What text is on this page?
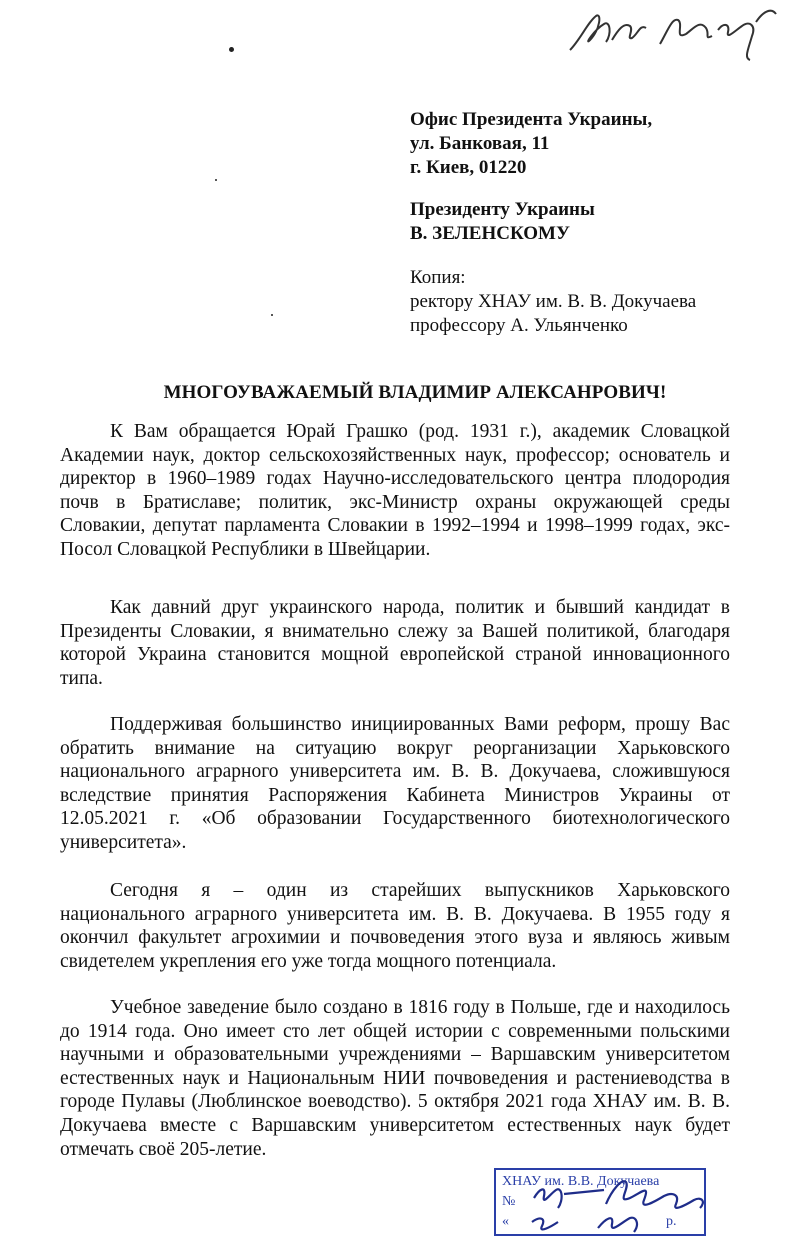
Офис Президента Украины,
ул. Банковая, 11
г. Киев, 01220
Президенту Украины
В. ЗЕЛЕНСКОМУ
Копия:
ректору ХНАУ им. В. В. Докучаева
профессору А. Ульянченко
МНОГОУВАЖАЕМЫЙ ВЛАДИМИР АЛЕКСАНРОВИЧ!

К Вам обращается Юрай Грашко (род. 1931 г.), академик Словацкой Академии наук, доктор сельскохозяйственных наук, профессор; основатель и директор в 1960–1989 годах Научно-исследовательского центра плодородия почв в Братиславе; политик, экс-Министр охраны окружающей среды Словакии, депутат парламента Словакии в 1992–1994 и 1998–1999 годах, экс-Посол Словацкой Республики в Швейцарии.

Как давний друг украинского народа, политик и бывший кандидат в Президенты Словакии, я внимательно слежу за Вашей политикой, благодаря которой Украина становится мощной европейской страной инновационного типа.

Поддерживая большинство инициированных Вами реформ, прошу Вас обратить внимание на ситуацию вокруг реорганизации Харьковского национального аграрного университета им. В. В. Докучаева, сложившуюся вследствие принятия Распоряжения Кабинета Министров Украины от 12.05.2021 г. «Об образовании Государственного биотехнологического университета».

Сегодня я – один из старейших выпускников Харьковского национального аграрного университета им. В. В. Докучаева. В 1955 году я окончил факультет агрохимии и почвоведения этого вуза и являюсь живым свидетелем укрепления его уже тогда мощного потенциала.

Учебное заведение было создано в 1816 году в Польше, где и находилось до 1914 года. Оно имеет сто лет общей истории с современными польскими научными и образовательными учреждениями – Варшавским университетом естественных наук и Национальным НИИ почвоведения и растениеводства в городе Пулавы (Люблинское воеводство). 5 октября 2021 года ХНАУ им. В. В. Докучаева вместе с Варшавским университетом естественных наук будет отмечать своё 205-летие.

ХНАУ им. В.В. Докучаева
№
«	р.
